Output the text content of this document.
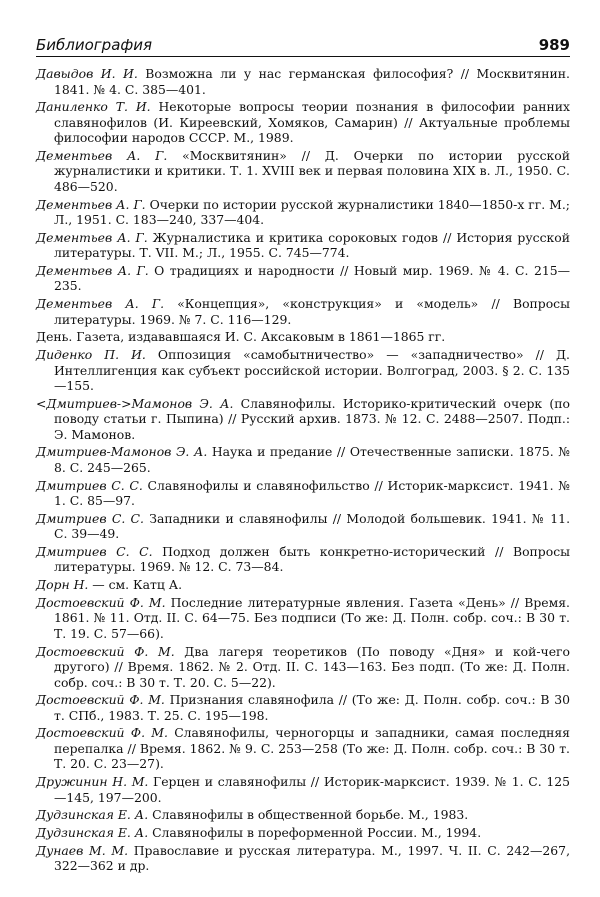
Библиография	989

Давыдов И. И. Возможна ли у нас германская философия? // Москвитянин. 1841. № 4. С. 385—401.

Даниленко Т. И. Некоторые вопросы теории познания в философии ранних славянофилов (И. Киреевский, Хомяков, Самарин) // Актуальные проблемы философии народов СССР. М., 1989.

Дементьев А. Г. «Москвитянин» // Д. Очерки по истории русской журналистики и критики. Т. 1. XVIII век и первая половина XIX в. Л., 1950. С. 486—520.

Дементьев А. Г. Очерки по истории русской журналистики 1840—1850-х гг. М.; Л., 1951. С. 183—240, 337—404.

Дементьев А. Г. Журналистика и критика сороковых годов // История русской литературы. Т. VII. М.; Л., 1955. С. 745—774.

Дементьев А. Г. О традициях и народности // Новый мир. 1969. № 4. С. 215—235.

Дементьев А. Г. «Концепция», «конструкция» и «модель» // Вопросы литературы. 1969. № 7. С. 116—129.

День. Газета, издававшаяся И. С. Аксаковым в 1861—1865 гг.

Диденко П. И. Оппозиция «самобытничество» — «западничество» // Д. Интеллигенция как субъект российской истории. Волгоград, 2003. § 2. С. 135—155.

<Дмитриев->Мамонов Э. А. Славянофилы. Историко-критический очерк (по поводу статьи г. Пыпина) // Русский архив. 1873. № 12. С. 2488—2507. Подп.: Э. Мамонов.

Дмитриев-Мамонов Э. А. Наука и предание // Отечественные записки. 1875. № 8. С. 245—265.

Дмитриев С. С. Славянофилы и славянофильство // Историк-марксист. 1941. № 1. С. 85—97.

Дмитриев С. С. Западники и славянофилы // Молодой большевик. 1941. № 11. С. 39—49.

Дмитриев С. С. Подход должен быть конкретно-исторический // Вопросы литературы. 1969. № 12. С. 73—84.

Дорн Н. — см. Катц А.

Достоевский Ф. М. Последние литературные явления. Газета «День» // Время. 1861. № 11. Отд. II. С. 64—75. Без подписи (То же: Д. Полн. собр. соч.: В 30 т. Т. 19. С. 57—66).

Достоевский Ф. М. Два лагеря теоретиков (По поводу «Дня» и кой-чего другого) // Время. 1862. № 2. Отд. II. С. 143—163. Без подп. (То же: Д. Полн. собр. соч.: В 30 т. Т. 20. С. 5—22).

Достоевский Ф. М. Признания славянофила // (То же: Д. Полн. собр. соч.: В 30 т. СПб., 1983. Т. 25. С. 195—198.

Достоевский Ф. М. Славянофилы, черногорцы и западники, самая последняя перепалка // Время. 1862. № 9. С. 253—258 (То же: Д. Полн. собр. соч.: В 30 т. Т. 20. С. 23—27).

Дружинин Н. М. Герцен и славянофилы // Историк-марксист. 1939. № 1. С. 125—145, 197—200.

Дудзинская Е. А. Славянофилы в общественной борьбе. М., 1983.

Дудзинская Е. А. Славянофилы в пореформенной России. М., 1994.

Дунаев М. М. Православие и русская литература. М., 1997. Ч. II. С. 242—267, 322—362 и др.
